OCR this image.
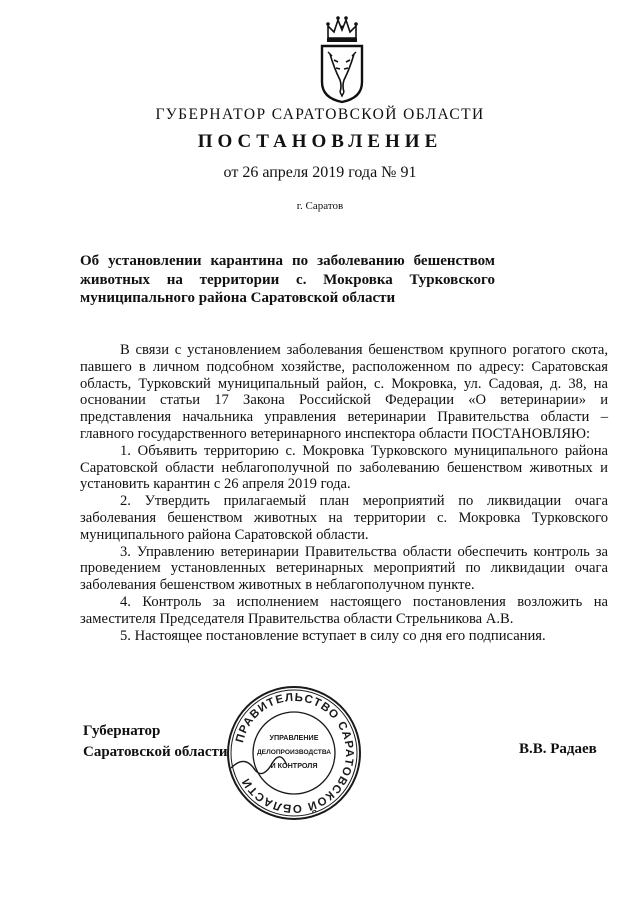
ГУБЕРНАТОР САРАТОВСКОЙ ОБЛАСТИ
ПОСТАНОВЛЕНИЕ
от 26 апреля 2019 года № 91
г. Саратов
Об установлении карантина по заболеванию бешенством животных на территории с. Мокровка Турковского муниципального района Саратовской области

В связи с установлением заболевания бешенством крупного рогатого скота, павшего в личном подсобном хозяйстве, расположенном по адресу: Саратовская область, Турковский муниципальный район, с. Мокровка, ул. Садовая, д. 38, на основании статьи 17 Закона Российской Федерации «О ветеринарии» и представления начальника управления ветеринарии Правительства области – главного государственного ветеринарного инспектора области ПОСТАНОВЛЯЮ:

1. Объявить территорию с. Мокровка Турковского муниципального района Саратовской области неблагополучной по заболеванию бешенством животных и установить карантин с 26 апреля 2019 года.

2. Утвердить прилагаемый план мероприятий по ликвидации очага заболевания бешенством животных на территории с. Мокровка Турковского муниципального района Саратовской области.

3. Управлению ветеринарии Правительства области обеспечить контроль за проведением установленных ветеринарных мероприятий по ликвидации очага заболевания бешенством животных в неблагополучном пункте.

4. Контроль за исполнением настоящего постановления возложить на заместителя Председателя Правительства области Стрельникова А.В.

5. Настоящее постановление вступает в силу со дня его подписания.

Губернатор
Саратовской области	В.В. Радаев
ПРАВИТЕЛЬСТВО САРАТОВСКОЙ ОБЛАСТИ
УПРАВЛЕНИЕ
ДЕЛОПРОИЗВОДСТВА
И КОНТРОЛЯ
